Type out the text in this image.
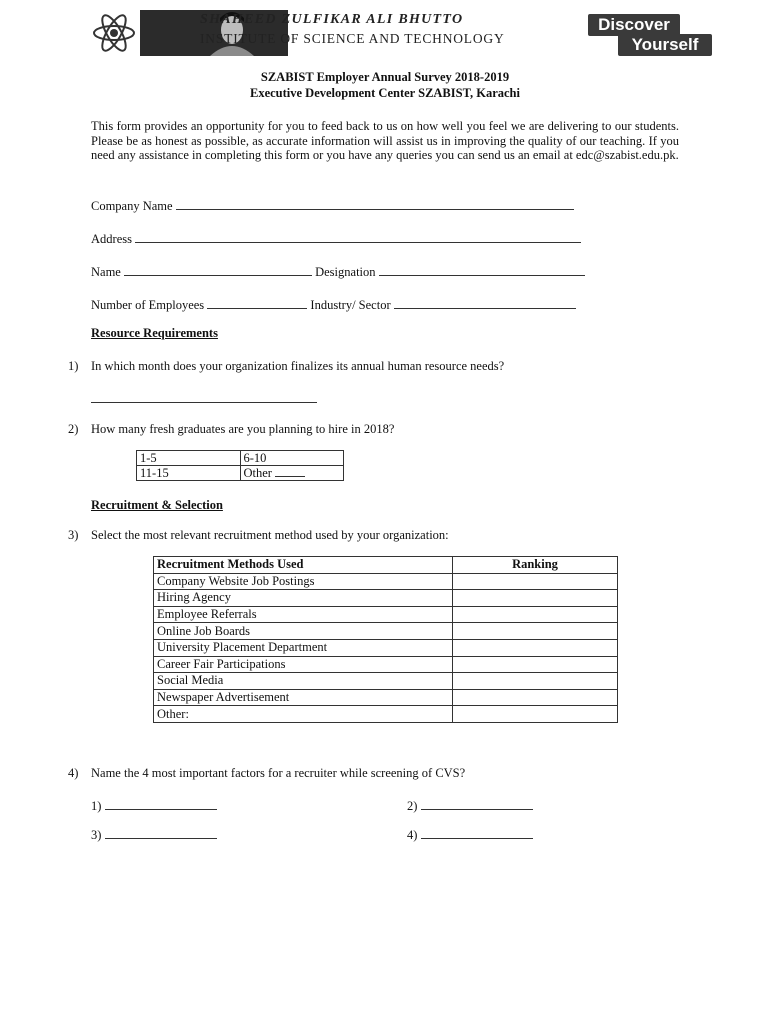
SHAHEED ZULFIKAR ALI BHUTTO
INSTITUTE OF SCIENCE AND TECHNOLOGY
Discover
Yourself
SZABIST Employer Annual Survey 2018-2019
Executive Development Center SZABIST, Karachi
This form provides an opportunity for you to feed back to us on how well you feel we are delivering to our students. Please be as honest as possible, as accurate information will assist us in improving the quality of our teaching. If you need any assistance in completing this form or you have any queries you can send us an email at edc@szabist.edu.pk.
Company Name
Address
Name	Designation
Number of Employees	Industry/ Sector
Resource Requirements
1) In which month does your organization finalizes its annual human resource needs?
2) How many fresh graduates are you planning to hire in 2018?
1-5	6-10
11-15	Other
Recruitment & Selection
3) Select the most relevant recruitment method used by your organization:
Recruitment Methods Used	Ranking
Company Website Job Postings	
Hiring Agency	
Employee Referrals	
Online Job Boards	
University Placement Department	
Career Fair Participations	
Social Media	
Newspaper Advertisement	
Other:	
4) Name the 4 most important factors for a recruiter while screening of CVS?
1)	2)
3)	4)
